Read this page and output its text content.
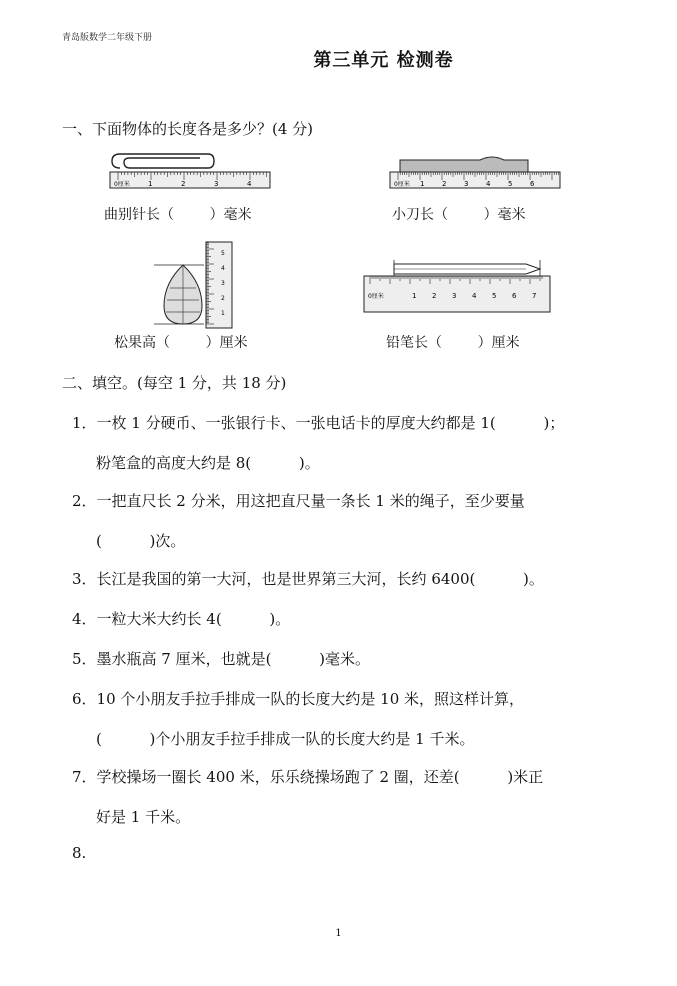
青岛版数学二年级下册
第三单元 检测卷
一、下面物体的长度各是多少？(4 分)
0厘米	1	2	3	4	0厘米 1	2	3	4	5	6
1
2
3
4
5
0厘米	1 2 3 4 5 6 7
曲别针长（        ）毫米	小刀长（        ）毫米
松果高（        ）厘米	铅笔长（        ）厘米
二、填空。(每空 1 分，共 18 分)
1．一枚 1 分硬币、一张银行卡、一张电话卡的厚度大约都是 1(          )；
粉笔盒的高度大约是 8(          )。
2．一把直尺长 2 分米，用这把直尺量一条长 1 米的绳子，至少要量
(          )次。
3．长江是我国的第一大河，也是世界第三大河，长约 6400(          )。
4．一粒大米大约长 4(          )。
5．墨水瓶高 7 厘米，也就是(          )毫米。
6．10 个小朋友手拉手排成一队的长度大约是 10 米，照这样计算，
(          )个小朋友手拉手排成一队的长度大约是 1 千米。
7．学校操场一圈长 400 米，乐乐绕操场跑了 2 圈，还差(          )米正
好是 1 千米。
8.
1
